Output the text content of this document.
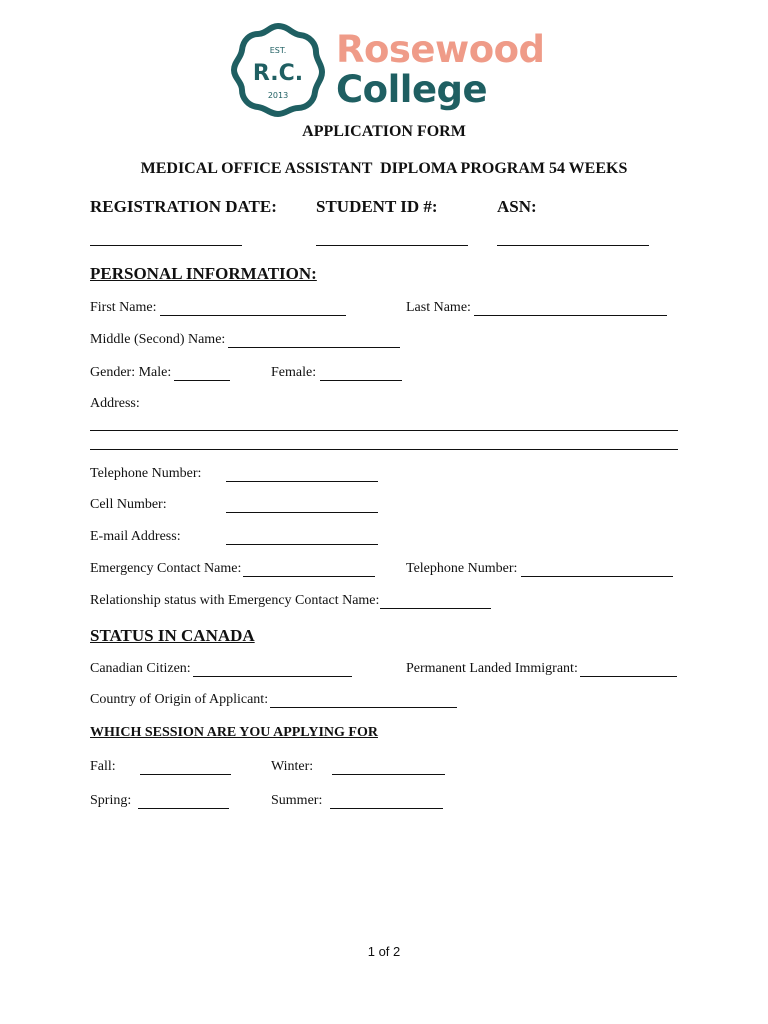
EST.
R.C.
2013
Rosewood
College
APPLICATION FORM
MEDICAL OFFICE ASSISTANT  DIPLOMA PROGRAM 54 WEEKS
REGISTRATION DATE: STUDENT ID #:	ASN:
PERSONAL INFORMATION:
First Name:	Last Name:
Middle (Second) Name:
Gender: Male:	Female:
Address:
Telephone Number:
Cell Number:
E-mail Address:
Emergency Contact Name:	Telephone Number:
Relationship status with Emergency Contact Name:
STATUS IN CANADA
Canadian Citizen:	Permanent Landed Immigrant:
Country of Origin of Applicant:
WHICH SESSION ARE YOU APPLYING FOR
Fall:	Winter:
Spring:	Summer:
1 of 2
